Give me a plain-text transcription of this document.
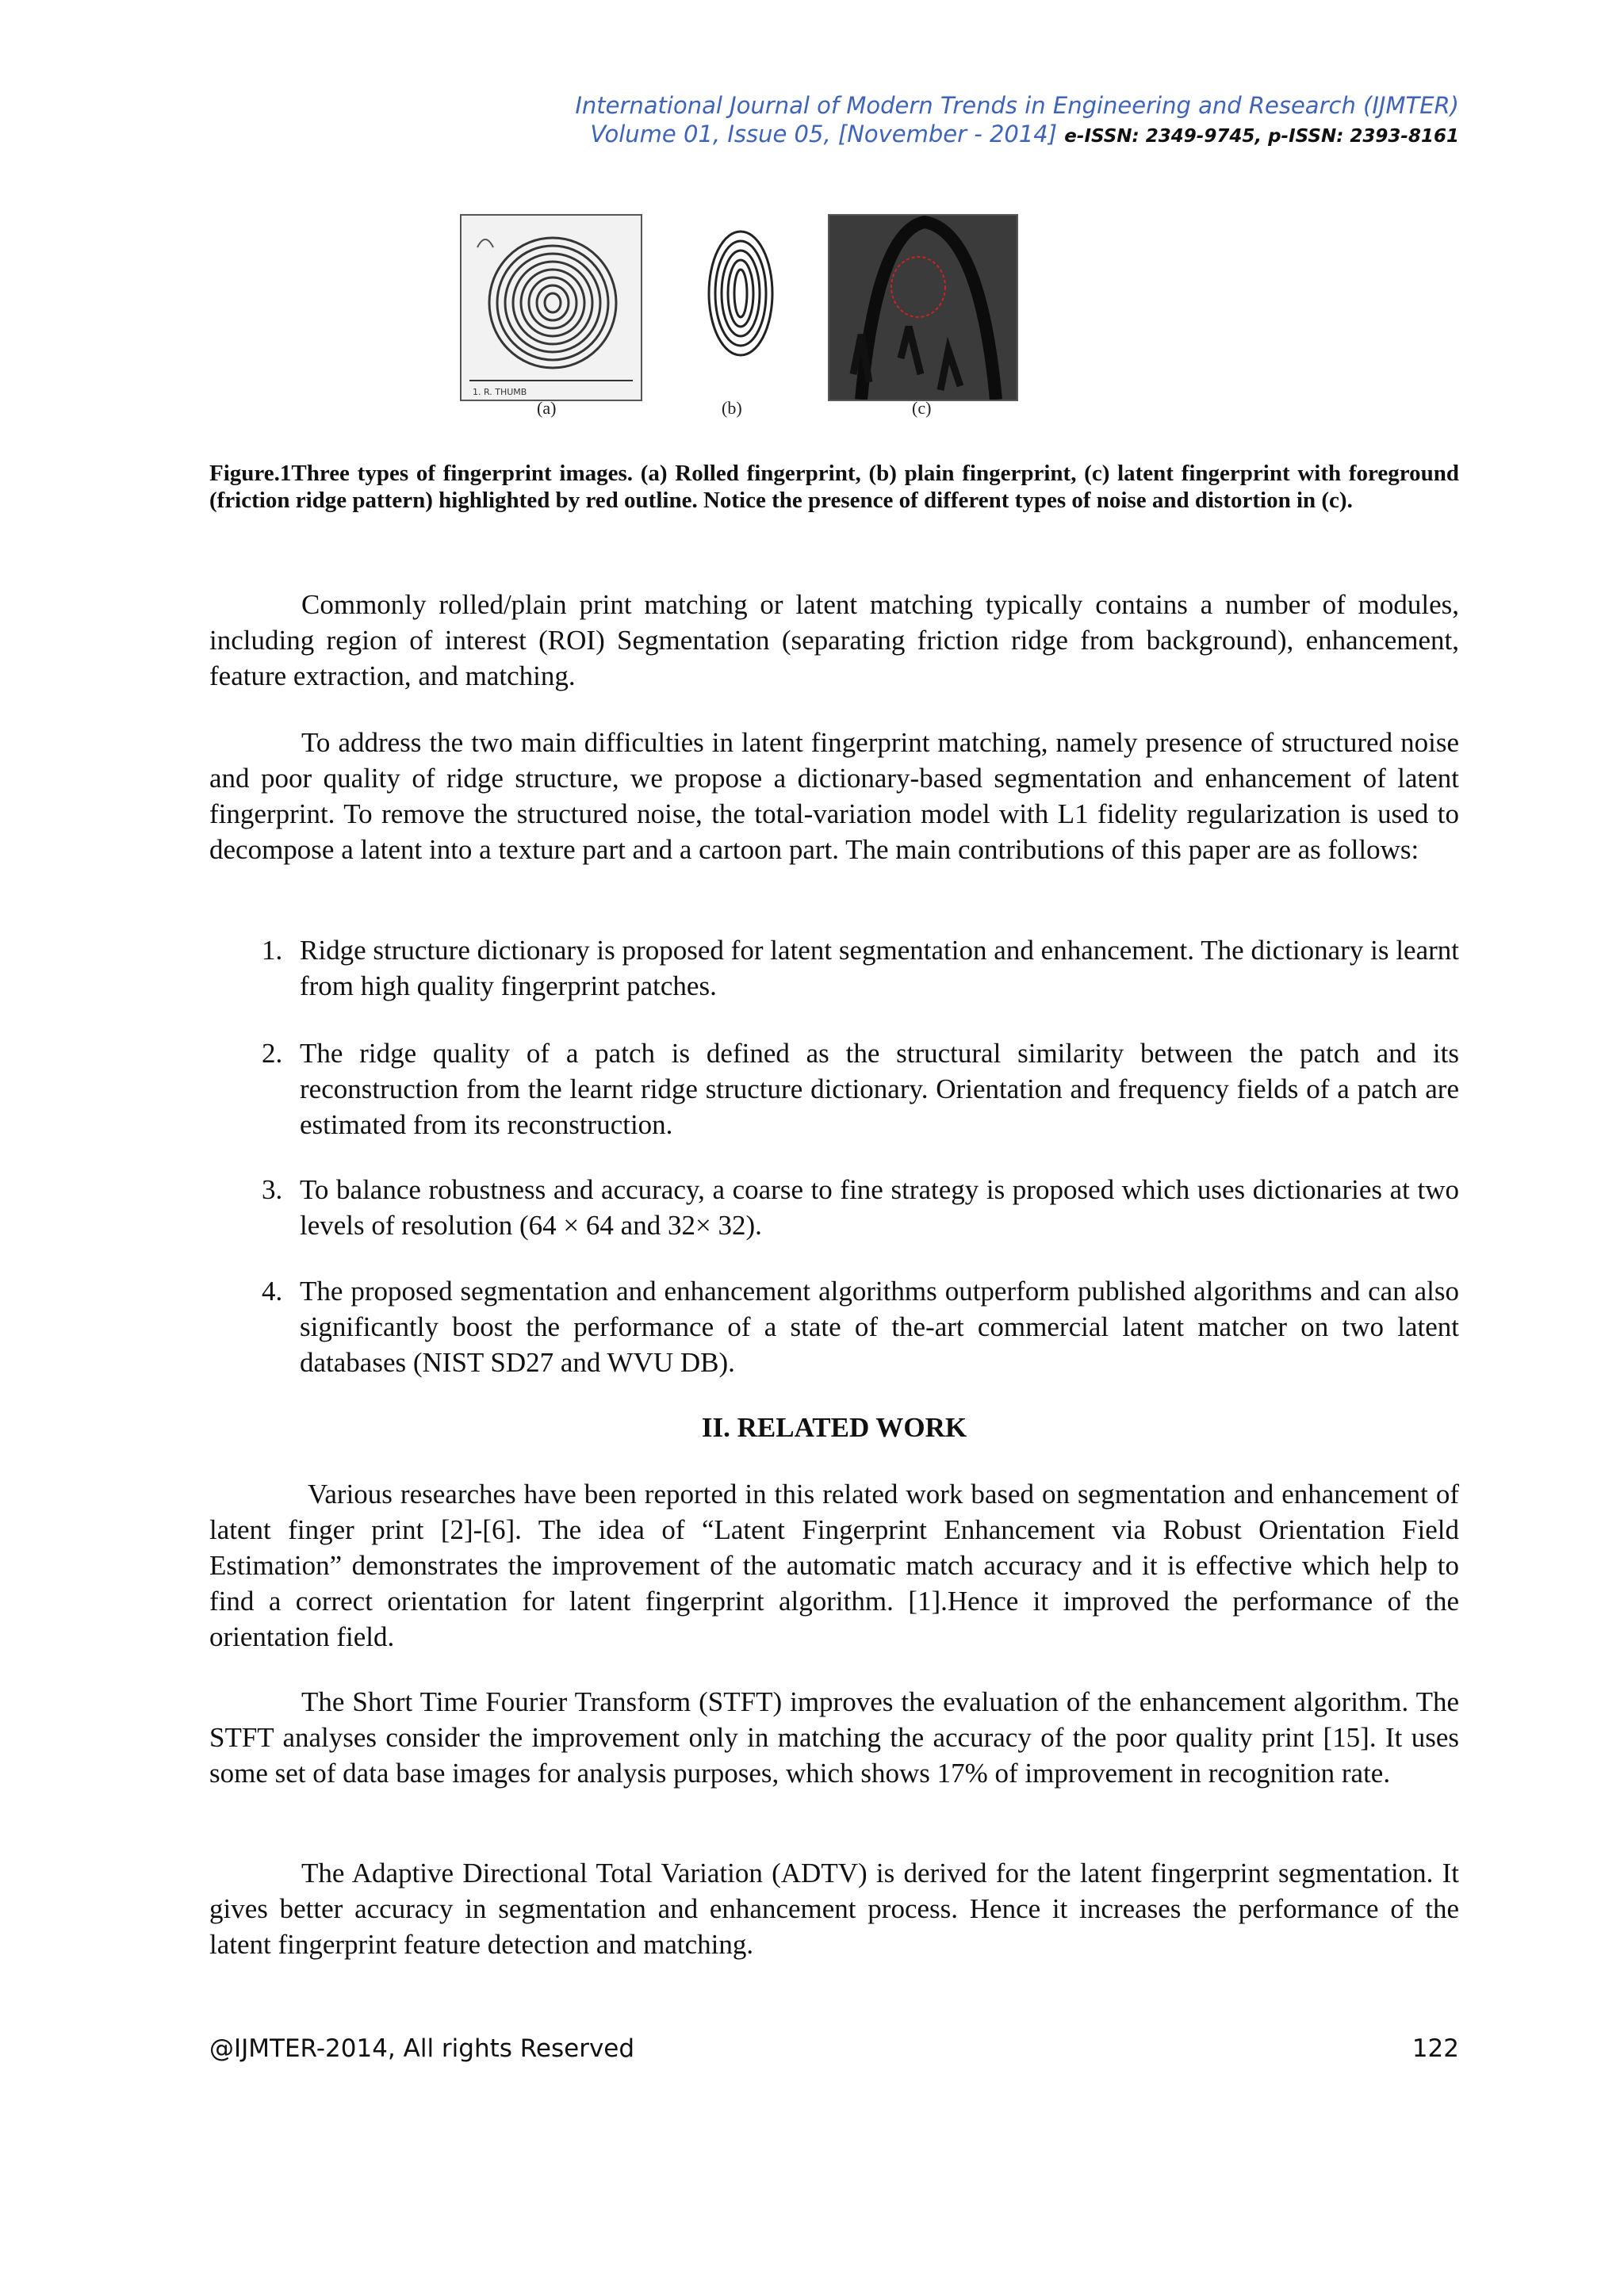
International Journal of Modern Trends in Engineering and Research (IJMTER)
Volume 01, Issue 05, [November - 2014] e-ISSN: 2349-9745, p-ISSN: 2393-8161
1. R. THUMB
(a)	(b)	(c)
Figure.1Three types of fingerprint images. (a) Rolled fingerprint, (b) plain fingerprint, (c) latent fingerprint with foreground (friction ridge pattern) highlighted by red outline. Notice the presence of different types of noise and distortion in (c).

Commonly rolled/plain print matching or latent matching typically contains a number of modules, including region of interest (ROI) Segmentation (separating friction ridge from background), enhancement, feature extraction, and matching.

To address the two main difficulties in latent fingerprint matching, namely presence of structured noise and poor quality of ridge structure, we propose a dictionary-based segmentation and enhancement of latent fingerprint. To remove the structured noise, the total-variation model with L1 fidelity regularization is used to decompose a latent into a texture part and a cartoon part. The main contributions of this paper are as follows:

1. Ridge structure dictionary is proposed for latent segmentation and enhancement. The dictionary is learnt from high quality fingerprint patches.
2. The ridge quality of a patch is defined as the structural similarity between the patch and its reconstruction from the learnt ridge structure dictionary. Orientation and frequency fields of a patch are estimated from its reconstruction.
3. To balance robustness and accuracy, a coarse to fine strategy is proposed which uses dictionaries at two levels of resolution (64 × 64 and 32× 32).
4. The proposed segmentation and enhancement algorithms outperform published algorithms and can also significantly boost the performance of a state of the-art commercial latent matcher on two latent databases (NIST SD27 and WVU DB).
II. RELATED WORK

Various researches have been reported in this related work based on segmentation and enhancement of latent finger print [2]-[6]. The idea of “Latent Fingerprint Enhancement via Robust Orientation Field Estimation” demonstrates the improvement of the automatic match accuracy and it is effective which help to find a correct orientation for latent fingerprint algorithm. [1].Hence it improved the performance of the orientation field.

The Short Time Fourier Transform (STFT) improves the evaluation of the enhancement algorithm. The STFT analyses consider the improvement only in matching the accuracy of the poor quality print [15]. It uses some set of data base images for analysis purposes, which shows 17% of improvement in recognition rate.

The Adaptive Directional Total Variation (ADTV) is derived for the latent fingerprint segmentation. It gives better accuracy in segmentation and enhancement process. Hence it increases the performance of the latent fingerprint feature detection and matching.

@IJMTER-2014, All rights Reserved	122
